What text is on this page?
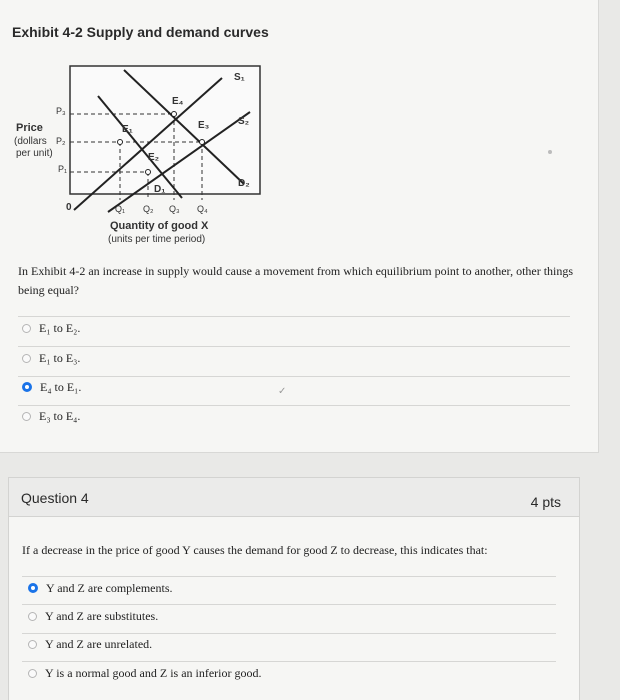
Exhibit 4-2 Supply and demand curves
Price
(dollars
per unit)
P₃
P₂
P₁
0	Q₁ Q₂ Q₃ Q₄
Quantity of good X
(units per time period)
S₁
S₂
D₂
D₁
E₁
E₂
E₃
E₄
In Exhibit 4-2 an increase in supply would cause a movement from which equilibrium point to another, other things being equal?
E₁ to E₂.
E₁ to E₃.
E₄ to E₁.	✓
E₃ to E₄.
Question 4	4 pts
If a decrease in the price of good Y causes the demand for good Z to decrease, this indicates that:
Y and Z are complements.
Y and Z are substitutes.
Y and Z are unrelated.
Y is a normal good and Z is an inferior good.
